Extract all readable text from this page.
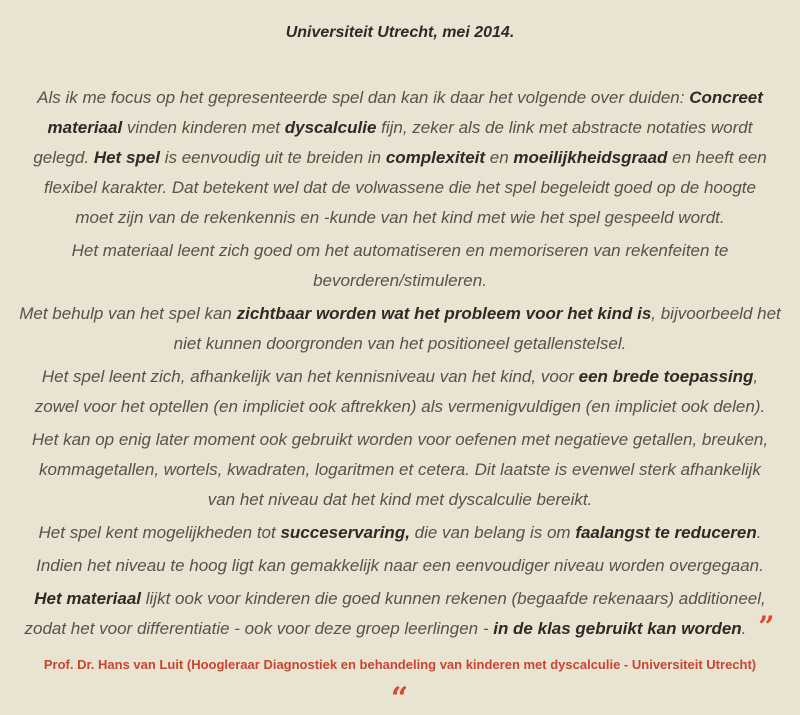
Universiteit Utrecht, mei 2014.
Als ik me focus op het gepresenteerde spel dan kan ik daar het volgende over duiden: Concreet
materiaal vinden kinderen met dyscalculie fijn, zeker als de link met abstracte notaties wordt
gelegd. Het spel is eenvoudig uit te breiden in complexiteit en moeilijkheidsgraad en heeft een
flexibel karakter. Dat betekent wel dat de volwassene die het spel begeleidt goed op de hoogte
moet zijn van de rekenkennis en -kunde van het kind met wie het spel gespeeld wordt.
Het materiaal leent zich goed om het automatiseren en memoriseren van rekenfeiten te
bevorderen/stimuleren.
Met behulp van het spel kan zichtbaar worden wat het probleem voor het kind is, bijvoorbeeld het
niet kunnen doorgronden van het positioneel getallenstelsel.
Het spel leent zich, afhankelijk van het kennisniveau van het kind, voor een brede toepassing,
zowel voor het optellen (en impliciet ook aftrekken) als vermenigvuldigen (en impliciet ook delen).
Het kan op enig later moment ook gebruikt worden voor oefenen met negatieve getallen, breuken,
kommagetallen, wortels, kwadraten, logaritmen et cetera. Dit laatste is evenwel sterk afhankelijk
van het niveau dat het kind met dyscalculie bereikt.
Het spel kent mogelijkheden tot succeservaring, die van belang is om faalangst te reduceren.
Indien het niveau te hoog ligt kan gemakkelijk naar een eenvoudiger niveau worden overgegaan.
Het materiaal lijkt ook voor kinderen die goed kunnen rekenen (begaafde rekenaars) additioneel,
zodat het voor differentiatie - ook voor deze groep leerlingen - in de klas gebruikt kan worden. ”
Prof. Dr. Hans van Luit (Hoogleraar Diagnostiek en behandeling van kinderen met dyscalculie - Universiteit Utrecht)
“
